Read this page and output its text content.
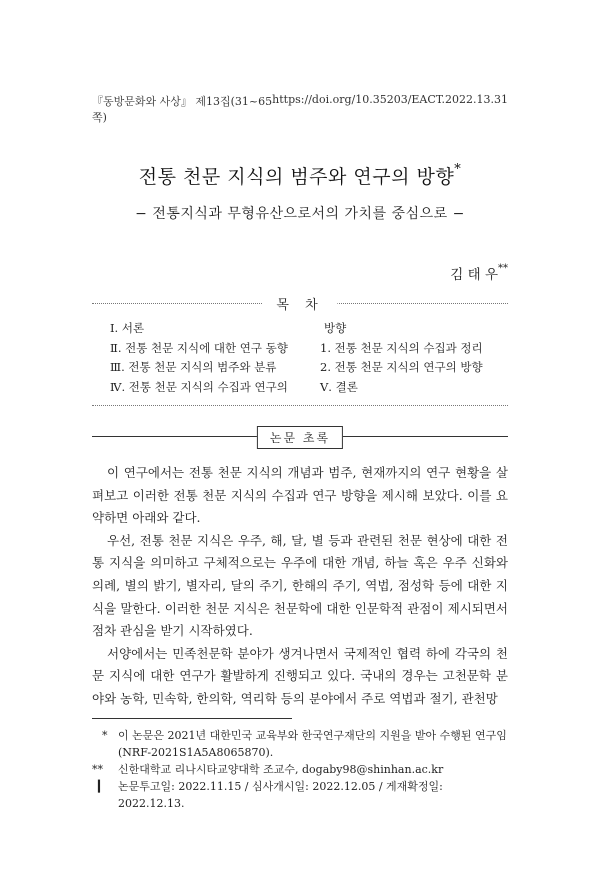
『동방문화와 사상』 제13집(31~65쪽)
https://doi.org/10.35203/EACT.2022.13.31
전통 천문 지식의 범주와 연구의 방향*
− 전통지식과 무형유산으로서의 가치를 중심으로 −
김 태 우**
목 차
Ⅰ. 서론
Ⅱ. 전통 천문 지식에 대한 연구 동향
Ⅲ. 전통 천문 지식의 범주와 분류
Ⅳ. 전통 천문 지식의 수집과 연구의
방향
1. 전통 천문 지식의 수집과 정리
2. 전통 천문 지식의 연구의 방향
Ⅴ. 결론
논문 초록

이 연구에서는 전통 천문 지식의 개념과 범주, 현재까지의 연구 현황을 살펴보고 이러한 전통 천문 지식의 수집과 연구 방향을 제시해 보았다. 이를 요약하면 아래와 같다.

우선, 전통 천문 지식은 우주, 해, 달, 별 등과 관련된 천문 현상에 대한 전통 지식을 의미하고 구체적으로는 우주에 대한 개념, 하늘 혹은 우주 신화와 의례, 별의 밝기, 별자리, 달의 주기, 한해의 주기, 역법, 점성학 등에 대한 지식을 말한다. 이러한 천문 지식은 천문학에 대한 인문학적 관점이 제시되면서 점차 관심을 받기 시작하였다.

서양에서는 민족천문학 분야가 생겨나면서 국제적인 협력 하에 각국의 천문 지식에 대한 연구가 활발하게 진행되고 있다. 국내의 경우는 고천문학 분야와 농학, 민속학, 한의학, 역리학 등의 분야에서 주로 역법과 절기, 관천망

* 이 논문은 2021년 대한민국 교육부와 한국연구재단의 지원을 받아 수행된 연구임(NRF-2021S1A5A8065870).
** 신한대학교 리나시타교양대학 조교수, dogaby98@shinhan.ac.kr
▎ 논문투고일: 2022.11.15 / 심사개시일: 2022.12.05 / 게재확정일: 2022.12.13.
